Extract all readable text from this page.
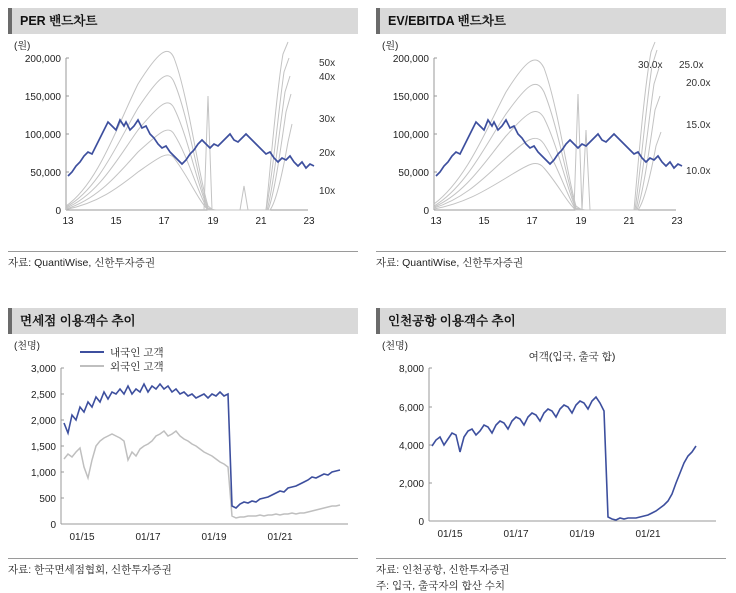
PER 밴드차트
(원)
200,000
150,000
100,000
50,000
0
13	15	17	19	21	23
50x
40x
30x
20x
10x
자료: QuantiWise, 신한투자증권
EV/EBITDA 밴드차트
(원)
200,000
150,000
100,000
50,000
0
13	15	17	19	21	23
30.0x 25.0x
20.0x
15.0x
10.0x
자료: QuantiWise, 신한투자증권
면세점 이용객수 추이
(천명)
3,000
2,500
2,000
1,500
1,000
500
0
내국인 고객
외국인 고객
01/15	01/17	01/19	01/21
자료: 한국면세점협회, 신한투자증권
인천공항 이용객수 추이
(천명)
8,000
6,000
4,000
2,000
0
여객(입국, 출국 합)
01/15	01/17	01/19	01/21
자료: 인천공항, 신한투자증권
주: 입국, 출국자의 합산 수치
